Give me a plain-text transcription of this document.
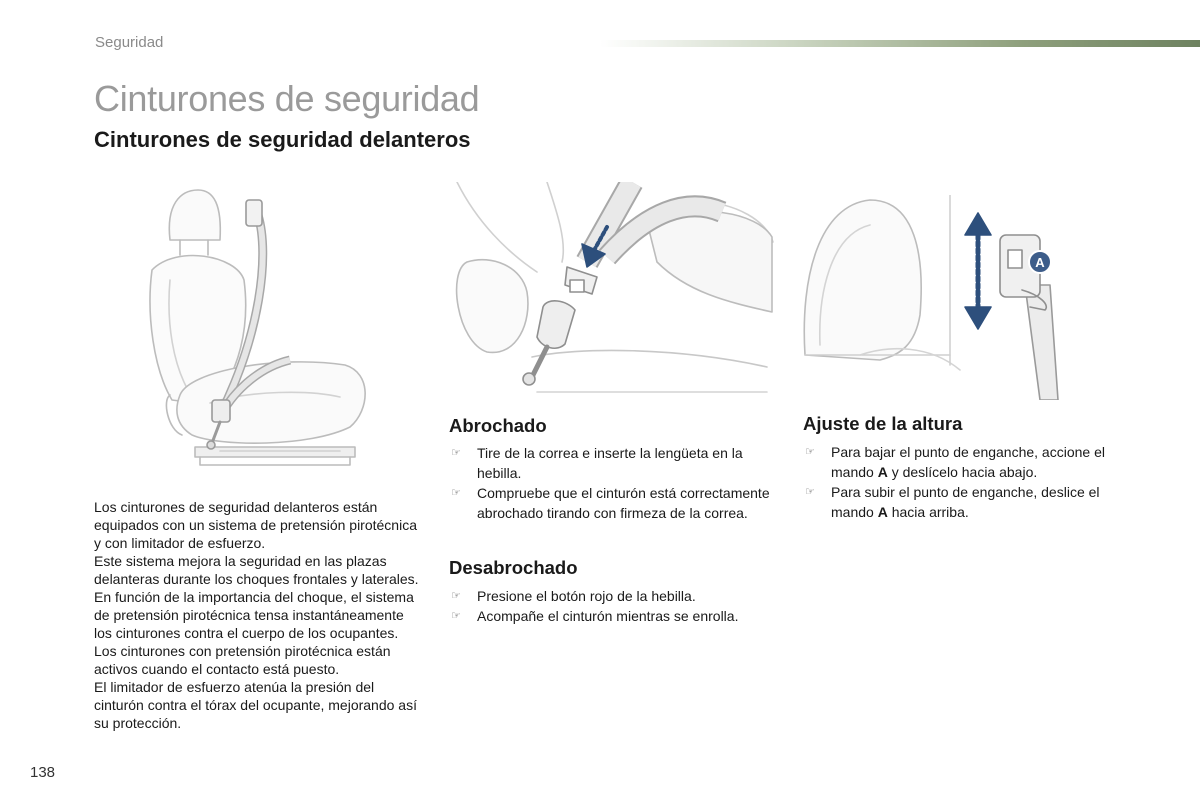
Seguridad
Cinturones de seguridad
Cinturones de seguridad delanteros
A

Los cinturones de seguridad delanteros están equipados con un sistema de pretensión pirotécnica y con limitador de esfuerzo.

Este sistema mejora la seguridad en las plazas delanteras durante los choques frontales y laterales. En función de la importancia del choque, el sistema de pretensión pirotécnica tensa instantáneamente los cinturones contra el cuerpo de los ocupantes.

Los cinturones con pretensión pirotécnica están activos cuando el contacto está puesto.

El limitador de esfuerzo atenúa la presión del cinturón contra el tórax del ocupante, mejorando así su protección.

Abrochado
☞ Tire de la correa e inserte la lengüeta en la hebilla.
☞ Compruebe que el cinturón está correctamente abrochado tirando con firmeza de la correa.
Desabrochado
☞ Presione el botón rojo de la hebilla.
☞ Acompañe el cinturón mientras se enrolla.
Ajuste de la altura
☞ Para bajar el punto de enganche, accione el mando A y deslícelo hacia abajo.
☞ Para subir el punto de enganche, deslice el mando A hacia arriba.
138
